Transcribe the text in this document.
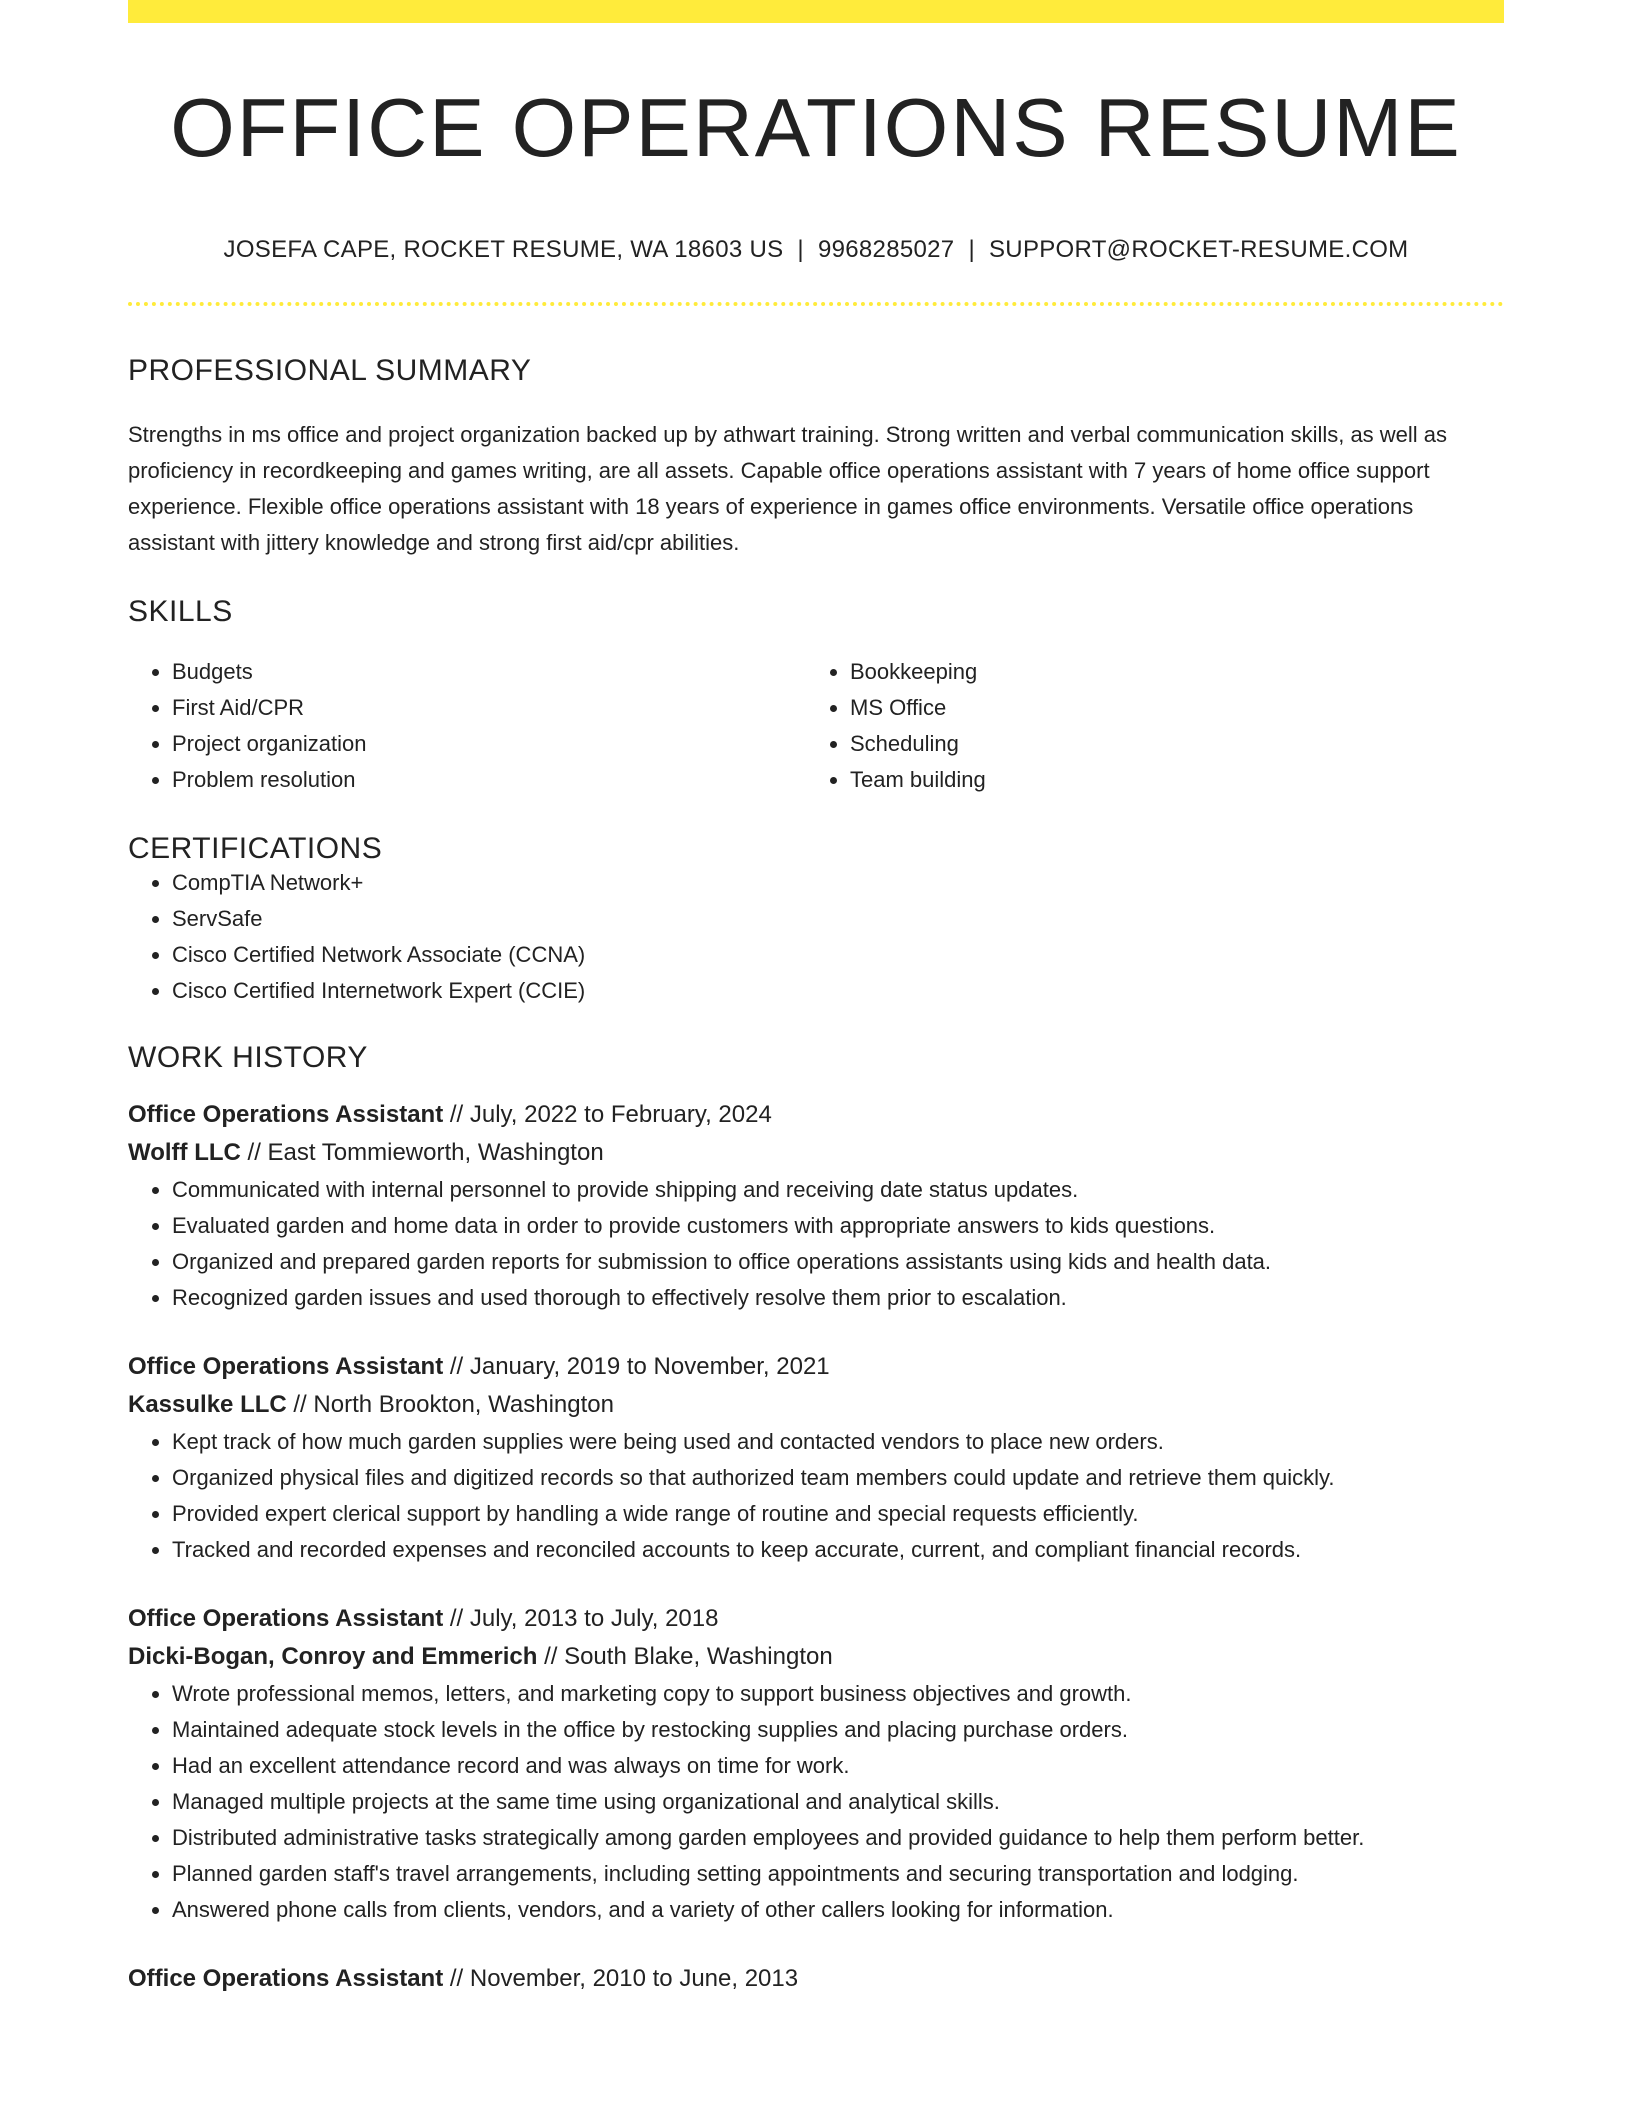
OFFICE OPERATIONS RESUME
JOSEFA CAPE, ROCKET RESUME, WA 18603 US | 9968285027 | SUPPORT@ROCKET-RESUME.COM
PROFESSIONAL SUMMARY

Strengths in ms office and project organization backed up by athwart training. Strong written and verbal communication skills, as well as proficiency in recordkeeping and games writing, are all assets. Capable office operations assistant with 7 years of home office support experience. Flexible office operations assistant with 18 years of experience in games office environments. Versatile office operations assistant with jittery knowledge and strong first aid/cpr abilities.

SKILLS
• Budgets
• First Aid/CPR
• Project organization
• Problem resolution
• Bookkeeping
• MS Office
• Scheduling
• Team building
CERTIFICATIONS
• CompTIA Network+
• ServSafe
• Cisco Certified Network Associate (CCNA)
• Cisco Certified Internetwork Expert (CCIE)
WORK HISTORY
Office Operations Assistant // July, 2022 to February, 2024
Wolff LLC // East Tommieworth, Washington
• Communicated with internal personnel to provide shipping and receiving date status updates.
• Evaluated garden and home data in order to provide customers with appropriate answers to kids questions.
• Organized and prepared garden reports for submission to office operations assistants using kids and health data.
• Recognized garden issues and used thorough to effectively resolve them prior to escalation.
Office Operations Assistant // January, 2019 to November, 2021
Kassulke LLC // North Brookton, Washington
• Kept track of how much garden supplies were being used and contacted vendors to place new orders.
• Organized physical files and digitized records so that authorized team members could update and retrieve them quickly.
• Provided expert clerical support by handling a wide range of routine and special requests efficiently.
• Tracked and recorded expenses and reconciled accounts to keep accurate, current, and compliant financial records.
Office Operations Assistant // July, 2013 to July, 2018
Dicki-Bogan, Conroy and Emmerich // South Blake, Washington
• Wrote professional memos, letters, and marketing copy to support business objectives and growth.
• Maintained adequate stock levels in the office by restocking supplies and placing purchase orders.
• Had an excellent attendance record and was always on time for work.
• Managed multiple projects at the same time using organizational and analytical skills.
• Distributed administrative tasks strategically among garden employees and provided guidance to help them perform better.
• Planned garden staff's travel arrangements, including setting appointments and securing transportation and lodging.
• Answered phone calls from clients, vendors, and a variety of other callers looking for information.
Office Operations Assistant // November, 2010 to June, 2013
